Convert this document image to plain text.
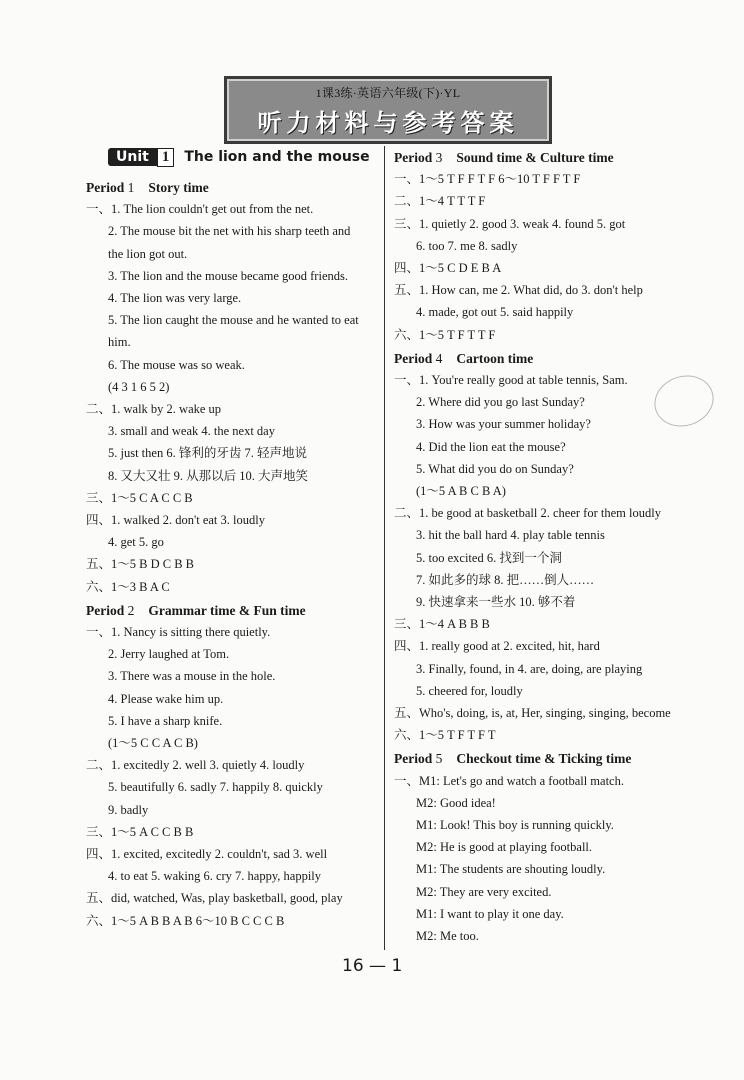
1课3练·英语六年级(下)·YL
听力材料与参考答案
Unit 1	The lion and the mouse
Period 1 Story time
一、1. The lion couldn't get out from the net.
2. The mouse bit the net with his sharp teeth and
the lion got out.
3. The lion and the mouse became good friends.
4. The lion was very large.
5. The lion caught the mouse and he wanted to eat
him.
6. The mouse was so weak.
(4 3 1 6 5 2)
二、1. walk by 2. wake up
3. small and weak 4. the next day
5. just then 6. 锋利的牙齿 7. 轻声地说
8. 又大又壮 9. 从那以后 10. 大声地笑
三、1～5 C A C C B
四、1. walked 2. don't eat 3. loudly
4. get 5. go
五、1～5 B D C B B
六、1～3 B A C
Period 2 Grammar time & Fun time
一、1. Nancy is sitting there quietly.
2. Jerry laughed at Tom.
3. There was a mouse in the hole.
4. Please wake him up.
5. I have a sharp knife.
(1～5 C C A C B)
二、1. excitedly 2. well 3. quietly 4. loudly
5. beautifully 6. sadly 7. happily 8. quickly
9. badly
三、1～5 A C C B B
四、1. excited, excitedly 2. couldn't, sad 3. well
4. to eat 5. waking 6. cry 7. happy, happily
五、did, watched, Was, play basketball, good, play
六、1～5 A B B A B 6～10 B C C C B
Period 3 Sound time & Culture time
一、1～5 T F F T F 6～10 T F F T F
二、1～4 T T T F
三、1. quietly 2. good 3. weak 4. found 5. got
6. too 7. me 8. sadly
四、1～5 C D E B A
五、1. How can, me 2. What did, do 3. don't help
4. made, got out 5. said happily
六、1～5 T F T T F
Period 4 Cartoon time
一、1. You're really good at table tennis, Sam.
2. Where did you go last Sunday?
3. How was your summer holiday?
4. Did the lion eat the mouse?
5. What did you do on Sunday?
(1～5 A B C B A)
二、1. be good at basketball 2. cheer for them loudly
3. hit the ball hard 4. play table tennis
5. too excited 6. 找到一个洞
7. 如此多的球 8. 把……倒人……
9. 快速拿来一些水 10. 够不着
三、1～4 A B B B
四、1. really good at 2. excited, hit, hard
3. Finally, found, in 4. are, doing, are playing
5. cheered for, loudly
五、Who's, doing, is, at, Her, singing, singing, become
六、1～5 T F T F T
Period 5 Checkout time & Ticking time
一、M1: Let's go and watch a football match.
M2: Good idea!
M1: Look! This boy is running quickly.
M2: He is good at playing football.
M1: The students are shouting loudly.
M2: They are very excited.
M1: I want to play it one day.
M2: Me too.
16 — 1
